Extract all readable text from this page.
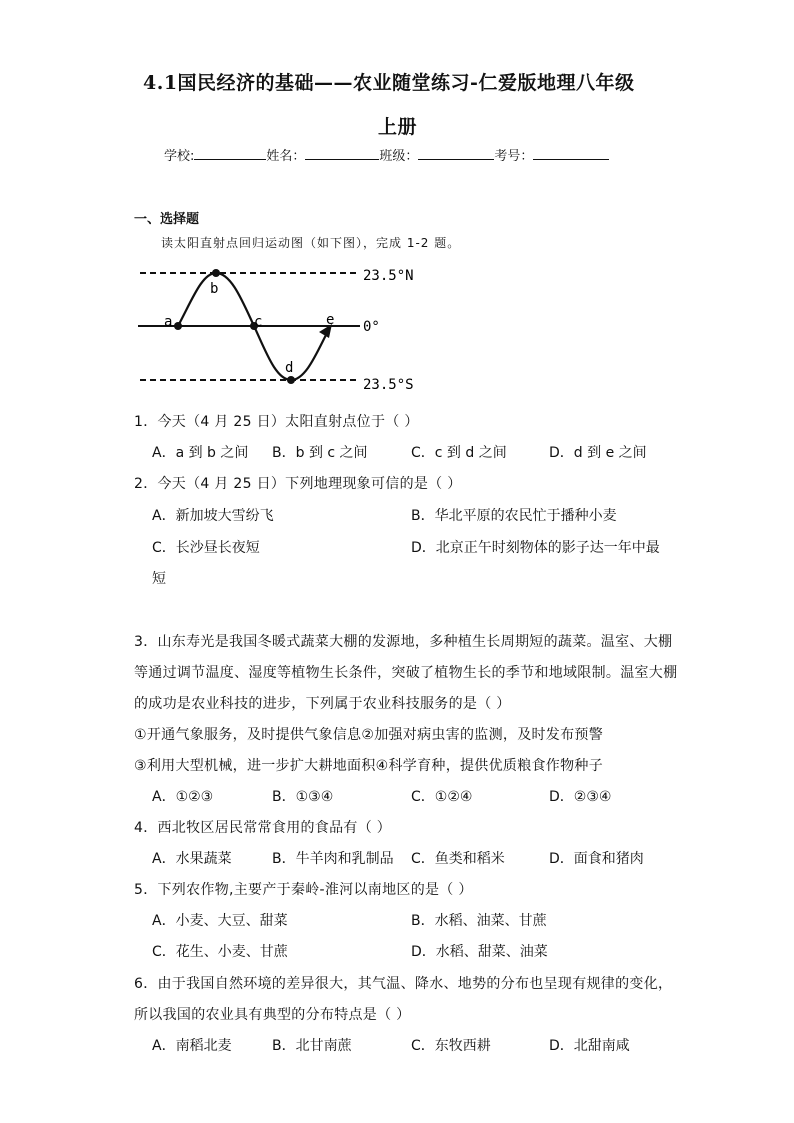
4.1国民经济的基础——农业随堂练习-仁爱版地理八年级
上册
学校:	姓名：	班级：	考号：
一、选择题
读太阳直射点回归运动图（如下图），完成 1-2 题。
a
b
c
d
e
23.5°N
0°
23.5°S
1．今天（4 月 25 日）太阳直射点位于（ ）
A．a 到 b 之间 B．b 到 c 之间	C．c 到 d 之间	D．d 到 e 之间
2．今天（4 月 25 日）下列地理现象可信的是（ ）
A．新加坡大雪纷飞	B．华北平原的农民忙于播种小麦
C．长沙昼长夜短	D．北京正午时刻物体的影子达一年中最
短
3．山东寿光是我国冬暖式蔬菜大棚的发源地，多种植生长周期短的蔬菜。温室、大棚
等通过调节温度、湿度等植物生长条件，突破了植物生长的季节和地域限制。温室大棚
的成功是农业科技的进步，下列属于农业科技服务的是（ ）
①开通气象服务，及时提供气象信息②加强对病虫害的监测，及时发布预警
③利用大型机械，进一步扩大耕地面积④科学育种，提供优质粮食作物种子
A．①②③	B．①③④	C．①②④	D．②③④
4．西北牧区居民常常食用的食品有（ ）
A．水果蔬菜	B．牛羊肉和乳制品 C．鱼类和稻米	D．面食和猪肉
5．下列农作物,主要产于秦岭-淮河以南地区的是（ ）
A．小麦、大豆、甜菜	B．水稻、油菜、甘蔗
C．花生、小麦、甘蔗	D．水稻、甜菜、油菜
6．由于我国自然环境的差异很大，其气温、降水、地势的分布也呈现有规律的变化，
所以我国的农业具有典型的分布特点是（ ）
A．南稻北麦	B．北甘南蔗	C．东牧西耕	D．北甜南咸
